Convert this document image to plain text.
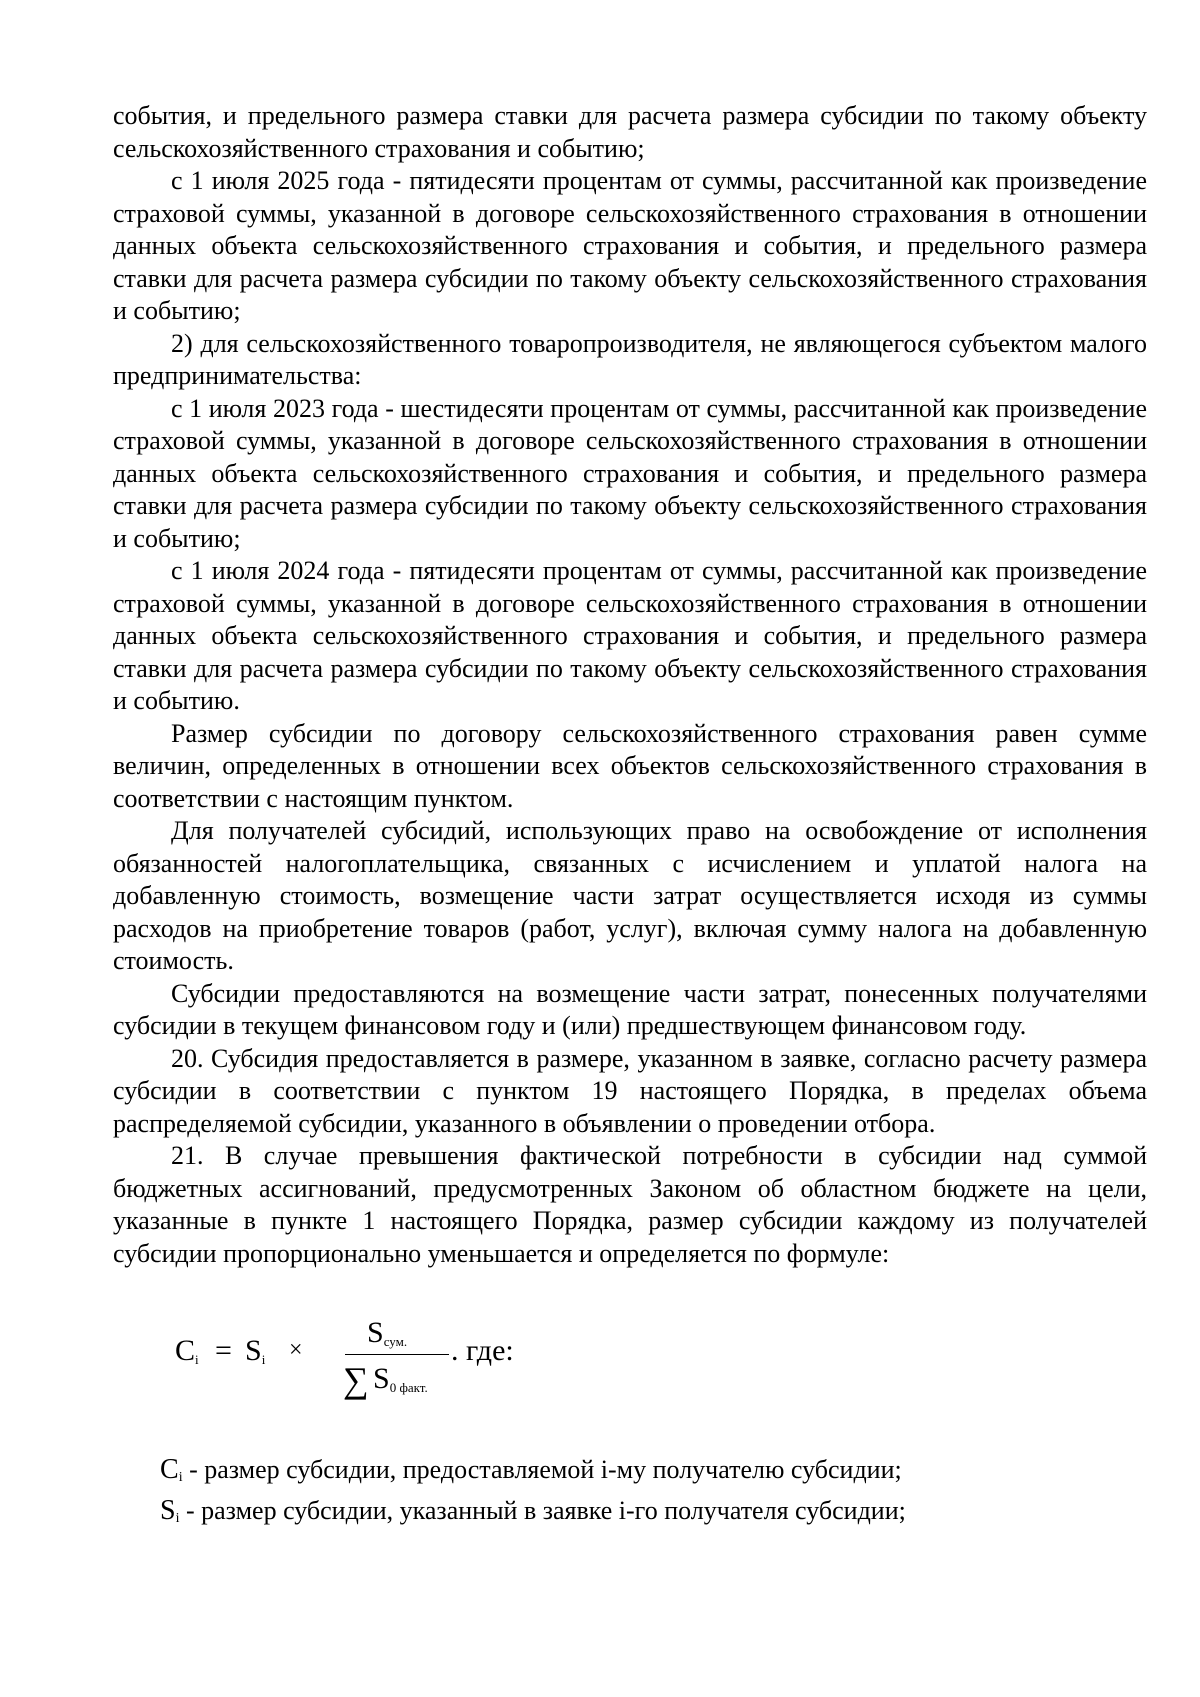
события, и предельного размера ставки для расчета размера субсидии по такому объекту сельскохозяйственного страхования и событию;

с 1 июля 2025 года - пятидесяти процентам от суммы, рассчитанной как произведение страховой суммы, указанной в договоре сельскохозяйственного страхования в отношении данных объекта сельскохозяйственного страхования и события, и предельного размера ставки для расчета размера субсидии по такому объекту сельскохозяйственного страхования и событию;

2) для сельскохозяйственного товаропроизводителя, не являющегося субъектом малого предпринимательства:

с 1 июля 2023 года - шестидесяти процентам от суммы, рассчитанной как произведение страховой суммы, указанной в договоре сельскохозяйственного страхования в отношении данных объекта сельскохозяйственного страхования и события, и предельного размера ставки для расчета размера субсидии по такому объекту сельскохозяйственного страхования и событию;

с 1 июля 2024 года - пятидесяти процентам от суммы, рассчитанной как произведение страховой суммы, указанной в договоре сельскохозяйственного страхования в отношении данных объекта сельскохозяйственного страхования и события, и предельного размера ставки для расчета размера субсидии по такому объекту сельскохозяйственного страхования и событию.

Размер субсидии по договору сельскохозяйственного страхования равен сумме величин, определенных в отношении всех объектов сельскохозяйственного страхования в соответствии с настоящим пунктом.

Для получателей субсидий, использующих право на освобождение от исполнения обязанностей налогоплательщика, связанных с исчислением и уплатой налога на добавленную стоимость, возмещение части затрат осуществляется исходя из суммы расходов на приобретение товаров (работ, услуг), включая сумму налога на добавленную стоимость.

Субсидии предоставляются на возмещение части затрат, понесенных получателями субсидии в текущем финансовом году и (или) предшествующем финансовом году.

20. Субсидия предоставляется в размере, указанном в заявке, согласно расчету размера субсидии в соответствии с пунктом 19 настоящего Порядка, в пределах объема распределяемой субсидии, указанного в объявлении о проведении отбора.

21. В случае превышения фактической потребности в субсидии над суммой бюджетных ассигнований, предусмотренных Законом об областном бюджете на цели, указанные в пункте 1 настоящего Порядка, размер субсидии каждому из получателей субсидии пропорционально уменьшается и определяется по формуле:

$C_i = S_i$ ×
$S_{сум.}$
∑ $S_{0 факт.}$
. где:

$C_i$ - размер субсидии, предоставляемой i-му получателю субсидии;

$S_i$ - размер субсидии, указанный в заявке i-го получателя субсидии;
